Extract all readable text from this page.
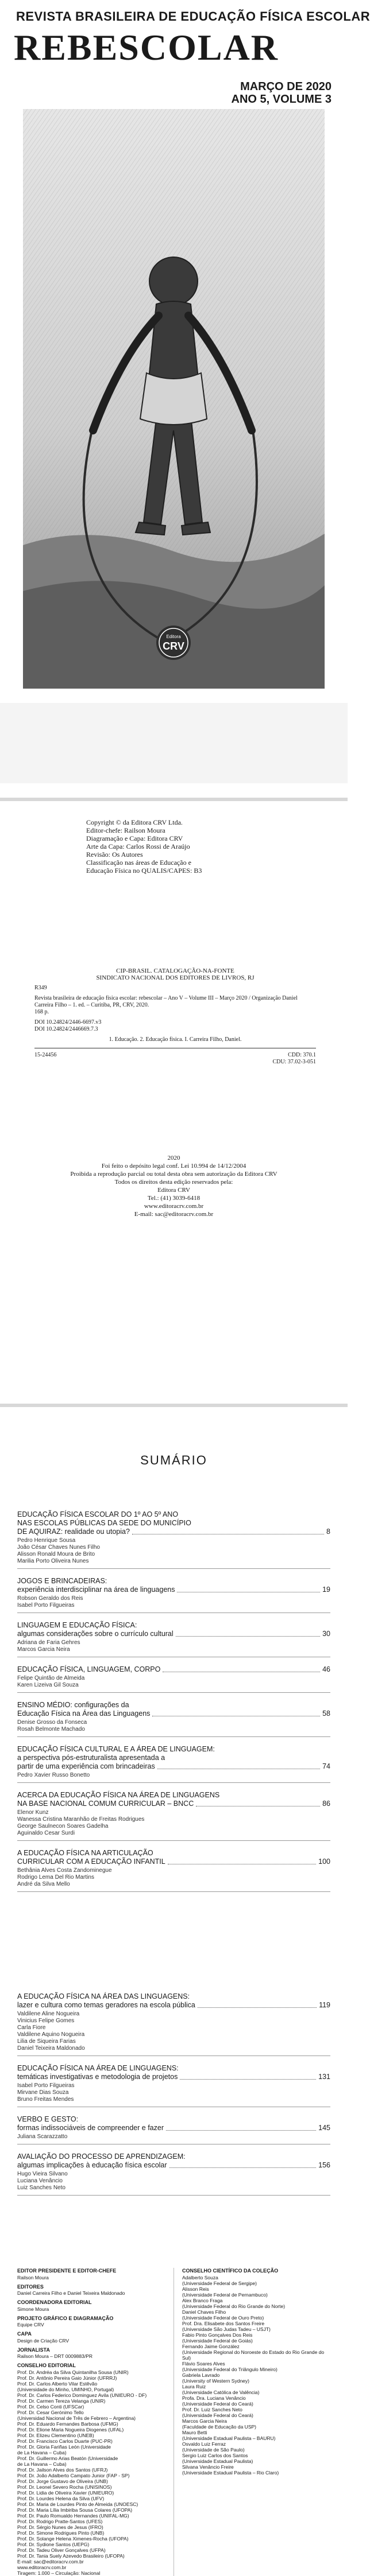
REVISTA BRASILEIRA DE EDUCAÇÃO FÍSICA ESCOLAR
REBESCOLAR
MARÇO DE 2020
ANO 5, VOLUME 3
Editora
CRV
Copyright © da Editora CRV Ltda.
Editor-chefe: Railson Moura
Diagramação e Capa: Editora CRV
Arte da Capa: Carlos Rossi de Araújo
Revisão: Os Autores
Classificação nas áreas de Educação e
Educação Física no QUALIS/CAPES: B3
CIP-BRASIL. CATALOGAÇÃO-NA-FONTE
SINDICATO NACIONAL DOS EDITORES DE LIVROS, RJ
R349
Revista brasileira de educação física escolar: rebescolar – Ano V – Volume III – Março 2020 / Organização Daniel Carreira Filho – 1. ed. – Curitiba, PR, CRV, 2020.
168 p.
DOI 10.24824/2446-6697.v3
DOI 10.24824/2446669.7.3
1. Educação. 2. Educação física. I. Carreira Filho, Daniel.
15-24456	CDD: 370.1
CDU: 37.02-3-051
2020
Foi feito o depósito legal conf. Lei 10.994 de 14/12/2004
Proibida a reprodução parcial ou total desta obra sem autorização da Editora CRV
Todos os direitos desta edição reservados pela:
Editora CRV
Tel.: (41) 3039-6418
www.editoracrv.com.br
E-mail: sac@editoracrv.com.br
SUMÁRIO
EDUCAÇÃO FÍSICA ESCOLAR DO 1º AO 5º ANO
NAS ESCOLAS PÚBLICAS DA SEDE DO MUNICÍPIO
DE AQUIRAZ: realidade ou utopia?	8
Pedro Henrique Sousa
João César Chaves Nunes Filho
Alisson Ronald Moura de Brito
Marilia Porto Oliveira Nunes
JOGOS E BRINCADEIRAS:
experiência interdisciplinar na área de linguagens	19
Robson Geraldo dos Reis
Isabel Porto Filgueiras
LINGUAGEM E EDUCAÇÃO FÍSICA:
algumas considerações sobre o currículo cultural	30
Adriana de Faria Gehres
Marcos Garcia Neira
EDUCAÇÃO FÍSICA, LINGUAGEM, CORPO	46
Felipe Quintão de Almeida
Karen Lizeiva Gil Souza
ENSINO MÉDIO: configurações da
Educação Física na Área das Linguagens	58
Denise Grosso da Fonseca
Rosah Belmonte Machado
EDUCAÇÃO FÍSICA CULTURAL E A ÁREA DE LINGUAGEM:
a perspectiva pós-estruturalista apresentada a
partir de uma experiência com brincadeiras	74
Pedro Xavier Russo Bonetto
ACERCA DA EDUCAÇÃO FÍSICA NA ÁREA DE LINGUAGENS
NA BASE NACIONAL COMUM CURRICULAR – BNCC	86
Elenor Kunz
Wanessa Cristina Maranhão de Freitas Rodrigues
George Saulnecon Soares Gadelha
Aguinaldo Cesar Surdi
A EDUCAÇÃO FÍSICA NA ARTICULAÇÃO
CURRICULAR COM A EDUCAÇÃO INFANTIL	100
Bethânia Alves Costa Zandominegue
Rodrigo Lema Del Rio Martins
André da Silva Mello
A EDUCAÇÃO FÍSICA NA ÁREA DAS LINGUAGENS:
lazer e cultura como temas geradores na escola pública	119
Valdilene Aline Nogueira
Vinicius Felipe Gomes
Carla Fiore
Valdilene Aquino Nogueira
Lilia de Siqueira Farias
Daniel Teixeira Maldonado
EDUCAÇÃO FÍSICA NA ÁREA DE LINGUAGENS:
temáticas investigativas e metodologia de projetos	131
Isabel Porto Filgueiras
Mirvane Dias Souza
Bruno Freitas Mendes
VERBO E GESTO:
formas indissociáveis de compreender e fazer	145
Juliana Scarazzatto
AVALIAÇÃO DO PROCESSO DE APRENDIZAGEM:
algumas implicações à educação física escolar	156
Hugo Vieira Silvano
Luciana Venâncio
Luiz Sanches Neto
EDITOR PRESIDENTE E EDITOR-CHEFE
Railson Moura
EDITORES
Daniel Carreira Filho e Daniel Teixeira Maldonado
COORDENADORA EDITORIAL
Simone Moura
PROJETO GRÁFICO E DIAGRAMAÇÃO
Equipe CRV
CAPA
Design de Criação CRV
JORNALISTA
Railson Moura – DRT 0009883/PR
CONSELHO EDITORIAL
Prof. Dr. Andréa da Silva Quintanilha Sousa (UNIR)
Prof. Dr. Antônio Pereira Gaio Júnior (UFRRJ)
Prof. Dr. Carlos Alberto Vilar Estêvão
(Universidade do Minho, UMINHO, Portugal)
Prof. Dr. Carlos Federico Dominguez Avila (UNIEURO - DF)
Prof. Dr. Carmen Tereza Velanga (UNIR)
Prof. Dr. Celso Conti (UFSCar)
Prof. Dr. Cesar Gerónimo Tello
(Universidad Nacional de Três de Febrero – Argentina)
Prof. Dr. Eduardo Fernandes Barbosa (UFMG)
Prof. Dr. Elione Maria Nogueira Diogenes (UFAL)
Prof. Dr. Elizeu Clementino (UNEB)
Prof. Dr. Francisco Carlos Duarte (PUC-PR)
Prof. Dr. Gloria Fariñas León (Universidade
de La Havana – Cuba)
Prof. Dr. Guillermo Arias Beatón (Universidade
de La Havana – Cuba)
Prof. Dr. Jailson Alves dos Santos (UFRJ)
Prof. Dr. João Adalberto Campato Junior (FAP - SP)
Prof. Dr. Jorge Gustavo de Oliveira (UNB)
Prof. Dr. Leonel Severo Rocha (UNISINOS)
Prof. Dr. Lidia de Oliveira Xavier (UNIEURO)
Prof. Dr. Lourdes Helena da Silva (UFV)
Prof. Dr. Maria de Lourdes Pinto de Almeida (UNOESC)
Prof. Dr. Maria Lília Imbiriba Sousa Colares (UFOPA)
Prof. Dr. Paulo Romualdo Hernandes (UNIFAL-MG)
Prof. Dr. Rodrigo Pratte-Santos (UFES)
Prof. Dr. Sérgio Nunes de Jesus (IFRO)
Prof. Dr. Simone Rodrigues Pinto (UNB)
Prof. Dr. Solange Helena Ximenes-Rocha (UFOPA)
Prof. Dr. Sydione Santos (UEPG)
Prof. Dr. Tadeu Oliver Gonçalves (UFPA)
Prof. Dr. Tania Suely Azevedo Brasileiro (UFOPA)
E-mail: sac@editoracrv.com.br
www.editoracrv.com.br
Tiragem: 1.000 – Circulação: Nacional
CONSELHO CIENTÍFICO DA COLEÇÃO
Adalberto Souza
(Universidade Federal de Sergipe)
Alisson Reis
(Universidade Federal de Pernambuco)
Alex Branco Fraga
(Universidade Federal do Rio Grande do Norte)
Daniel Chaves Filho
(Universidade Federal de Ouro Preto)
Prof. Dra. Elisabete dos Santos Freire
(Universidade São Judas Tadeu – USJT)
Fabio Pinto Gonçalves Dos Reis
(Universidade Federal de Goiás)
Fernando Jaime González
(Universidade Regional do Noroeste do Estado do Rio Grande do Sul)
Flávio Soares Alves
(Universidade Federal do Triângulo Mineiro)
Gabriela Lavrado
(University of Western Sydney)
Laura Ruiz
(Universidade Católica de Valência)
Profa. Dra. Luciana Venâncio
(Universidade Federal do Ceará)
Prof. Dr. Luiz Sanches Neto
(Universidade Federal do Ceará)
Marcos Garcia Neira
(Faculdade de Educação da USP)
Mauro Betti
(Universidade Estadual Paulista – BAURU)
Osvaldo Luiz Ferraz
(Universidade de São Paulo)
Sergio Luiz Carlos dos Santos
(Universidade Estadual Paulista)
Silvana Venâncio Freire
(Universidade Estadual Paulista – Rio Claro)
